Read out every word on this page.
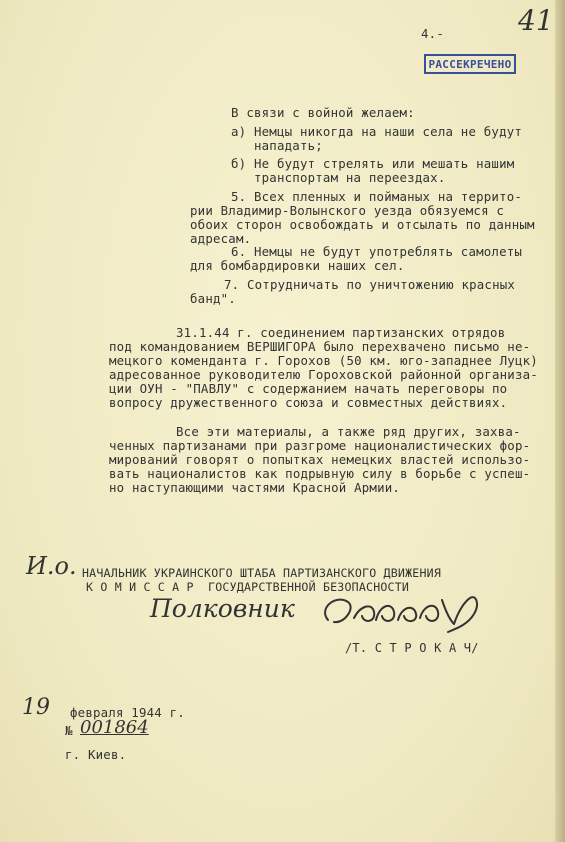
4.-	41
РАССЕКРЕЧЕНО
В связи с войной желаем:
а) Немцы никогда на наши села не будут
нападать;
б) Не будут стрелять или мешать нашим
транспортам на переездах.
5. Всех пленных и пойманых на террито-
рии Владимир-Волынского уезда обязуемся с
обоих сторон освобождать и отсылать по данным
адресам.
6. Немцы не будут употреблять самолеты
для бомбардировки наших сел.
7. Сотрудничать по уничтожению красных
банд".
31.1.44 г. соединением партизанских отрядов
под командованием ВЕРШИГОРА было перехвачено письмо не-
мецкого коменданта г. Горохов (50 км. юго-западнее Луцк)
адресованное руководителю Гороховской районной организа-
ции ОУН - "ПАВЛУ" с содержанием начать переговоры по
вопросу дружественного союза и совместных действиях.
Все эти материалы, а также ряд других, захва-
ченных партизанами при разгроме националистических фор-
мирований говорят о попытках немецких властей использо-
вать националистов как подрывную силу в борьбе с успеш-
но наступающими частями Красной Армии.
И.о. НАЧАЛЬНИК УКРАИНСКОГО ШТАБА ПАРТИЗАНСКОГО ДВИЖЕНИЯ
К О М И С С А Р  ГОСУДАРСТВЕННОЙ БЕЗОПАСНОСТИ
Полковник
/Т. С Т Р О К А Ч/
19 февраля 1944 г.
№ 001864
г. Киев.
